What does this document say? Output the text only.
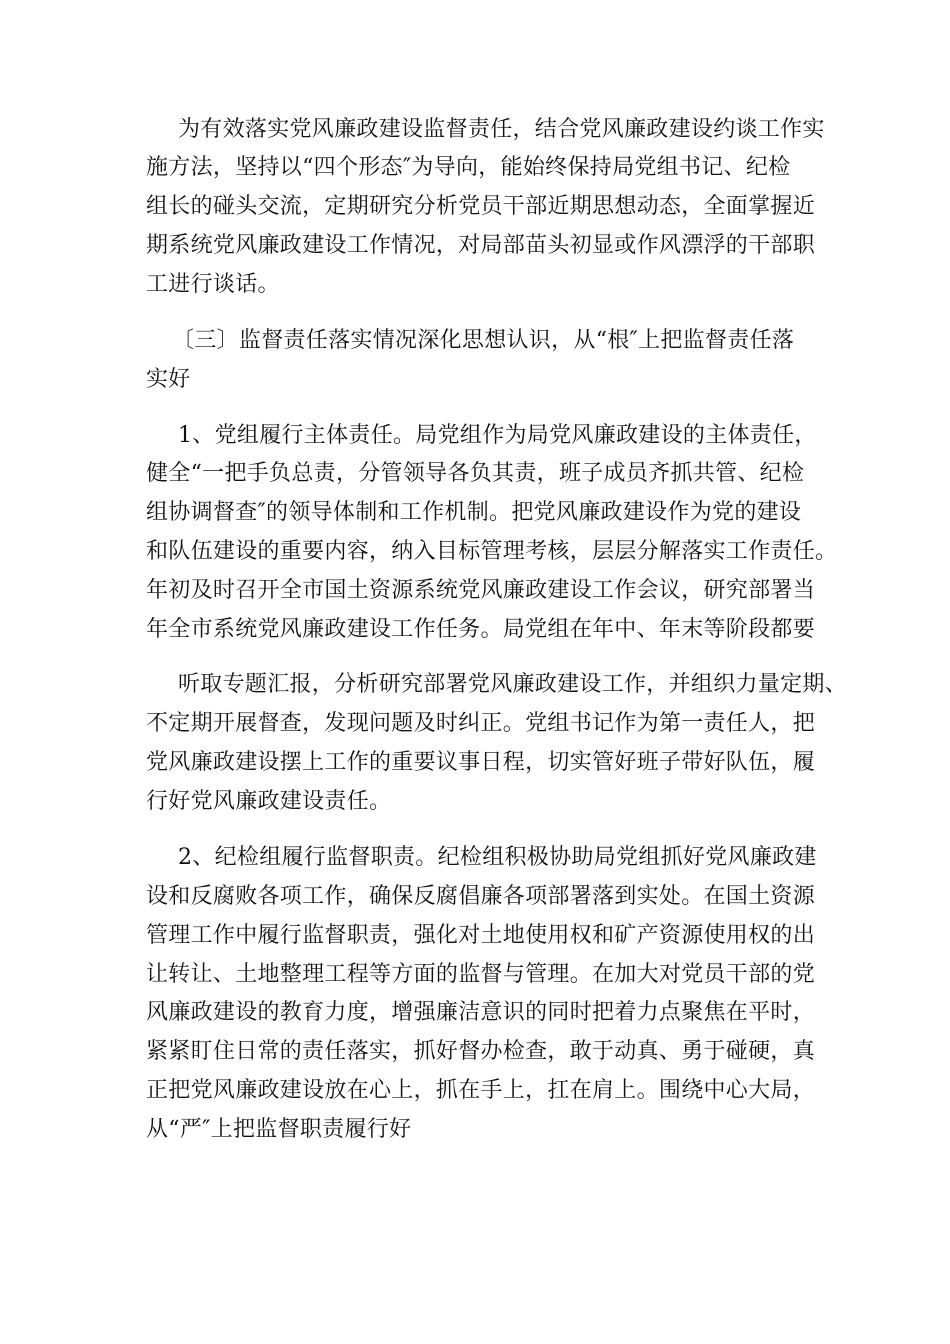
为有效落实党风廉政建设监督责任，结合党风廉政建设约谈工作实
施方法，坚持以“四个形态″为导向，能始终保持局党组书记、纪检
组长的碰头交流，定期研究分析党员干部近期思想动态，全面掌握近
期系统党风廉政建设工作情况，对局部苗头初显或作风漂浮的干部职
工进行谈话。
〔三〕监督责任落实情况深化思想认识，从“根″上把监督责任落
实好
1、党组履行主体责任。局党组作为局党风廉政建设的主体责任，
健全“一把手负总责，分管领导各负其责，班子成员齐抓共管、纪检
组协调督查″的领导体制和工作机制。把党风廉政建设作为党的建设
和队伍建设的重要内容，纳入目标管理考核，层层分解落实工作责任。
年初及时召开全市国土资源系统党风廉政建设工作会议，研究部署当
年全市系统党风廉政建设工作任务。局党组在年中、年末等阶段都要
听取专题汇报，分析研究部署党风廉政建设工作，并组织力量定期、
不定期开展督查，发现问题及时纠正。党组书记作为第一责任人，把
党风廉政建设摆上工作的重要议事日程，切实管好班子带好队伍，履
行好党风廉政建设责任。
2、纪检组履行监督职责。纪检组积极协助局党组抓好党风廉政建
设和反腐败各项工作，确保反腐倡廉各项部署落到实处。在国土资源
管理工作中履行监督职责，强化对土地使用权和矿产资源使用权的出
让转让、土地整理工程等方面的监督与管理。在加大对党员干部的党
风廉政建设的教育力度，增强廉洁意识的同时把着力点聚焦在平时，
紧紧盯住日常的责任落实，抓好督办检查，敢于动真、勇于碰硬，真
正把党风廉政建设放在心上，抓在手上，扛在肩上。围绕中心大局，
从“严″上把监督职责履行好
